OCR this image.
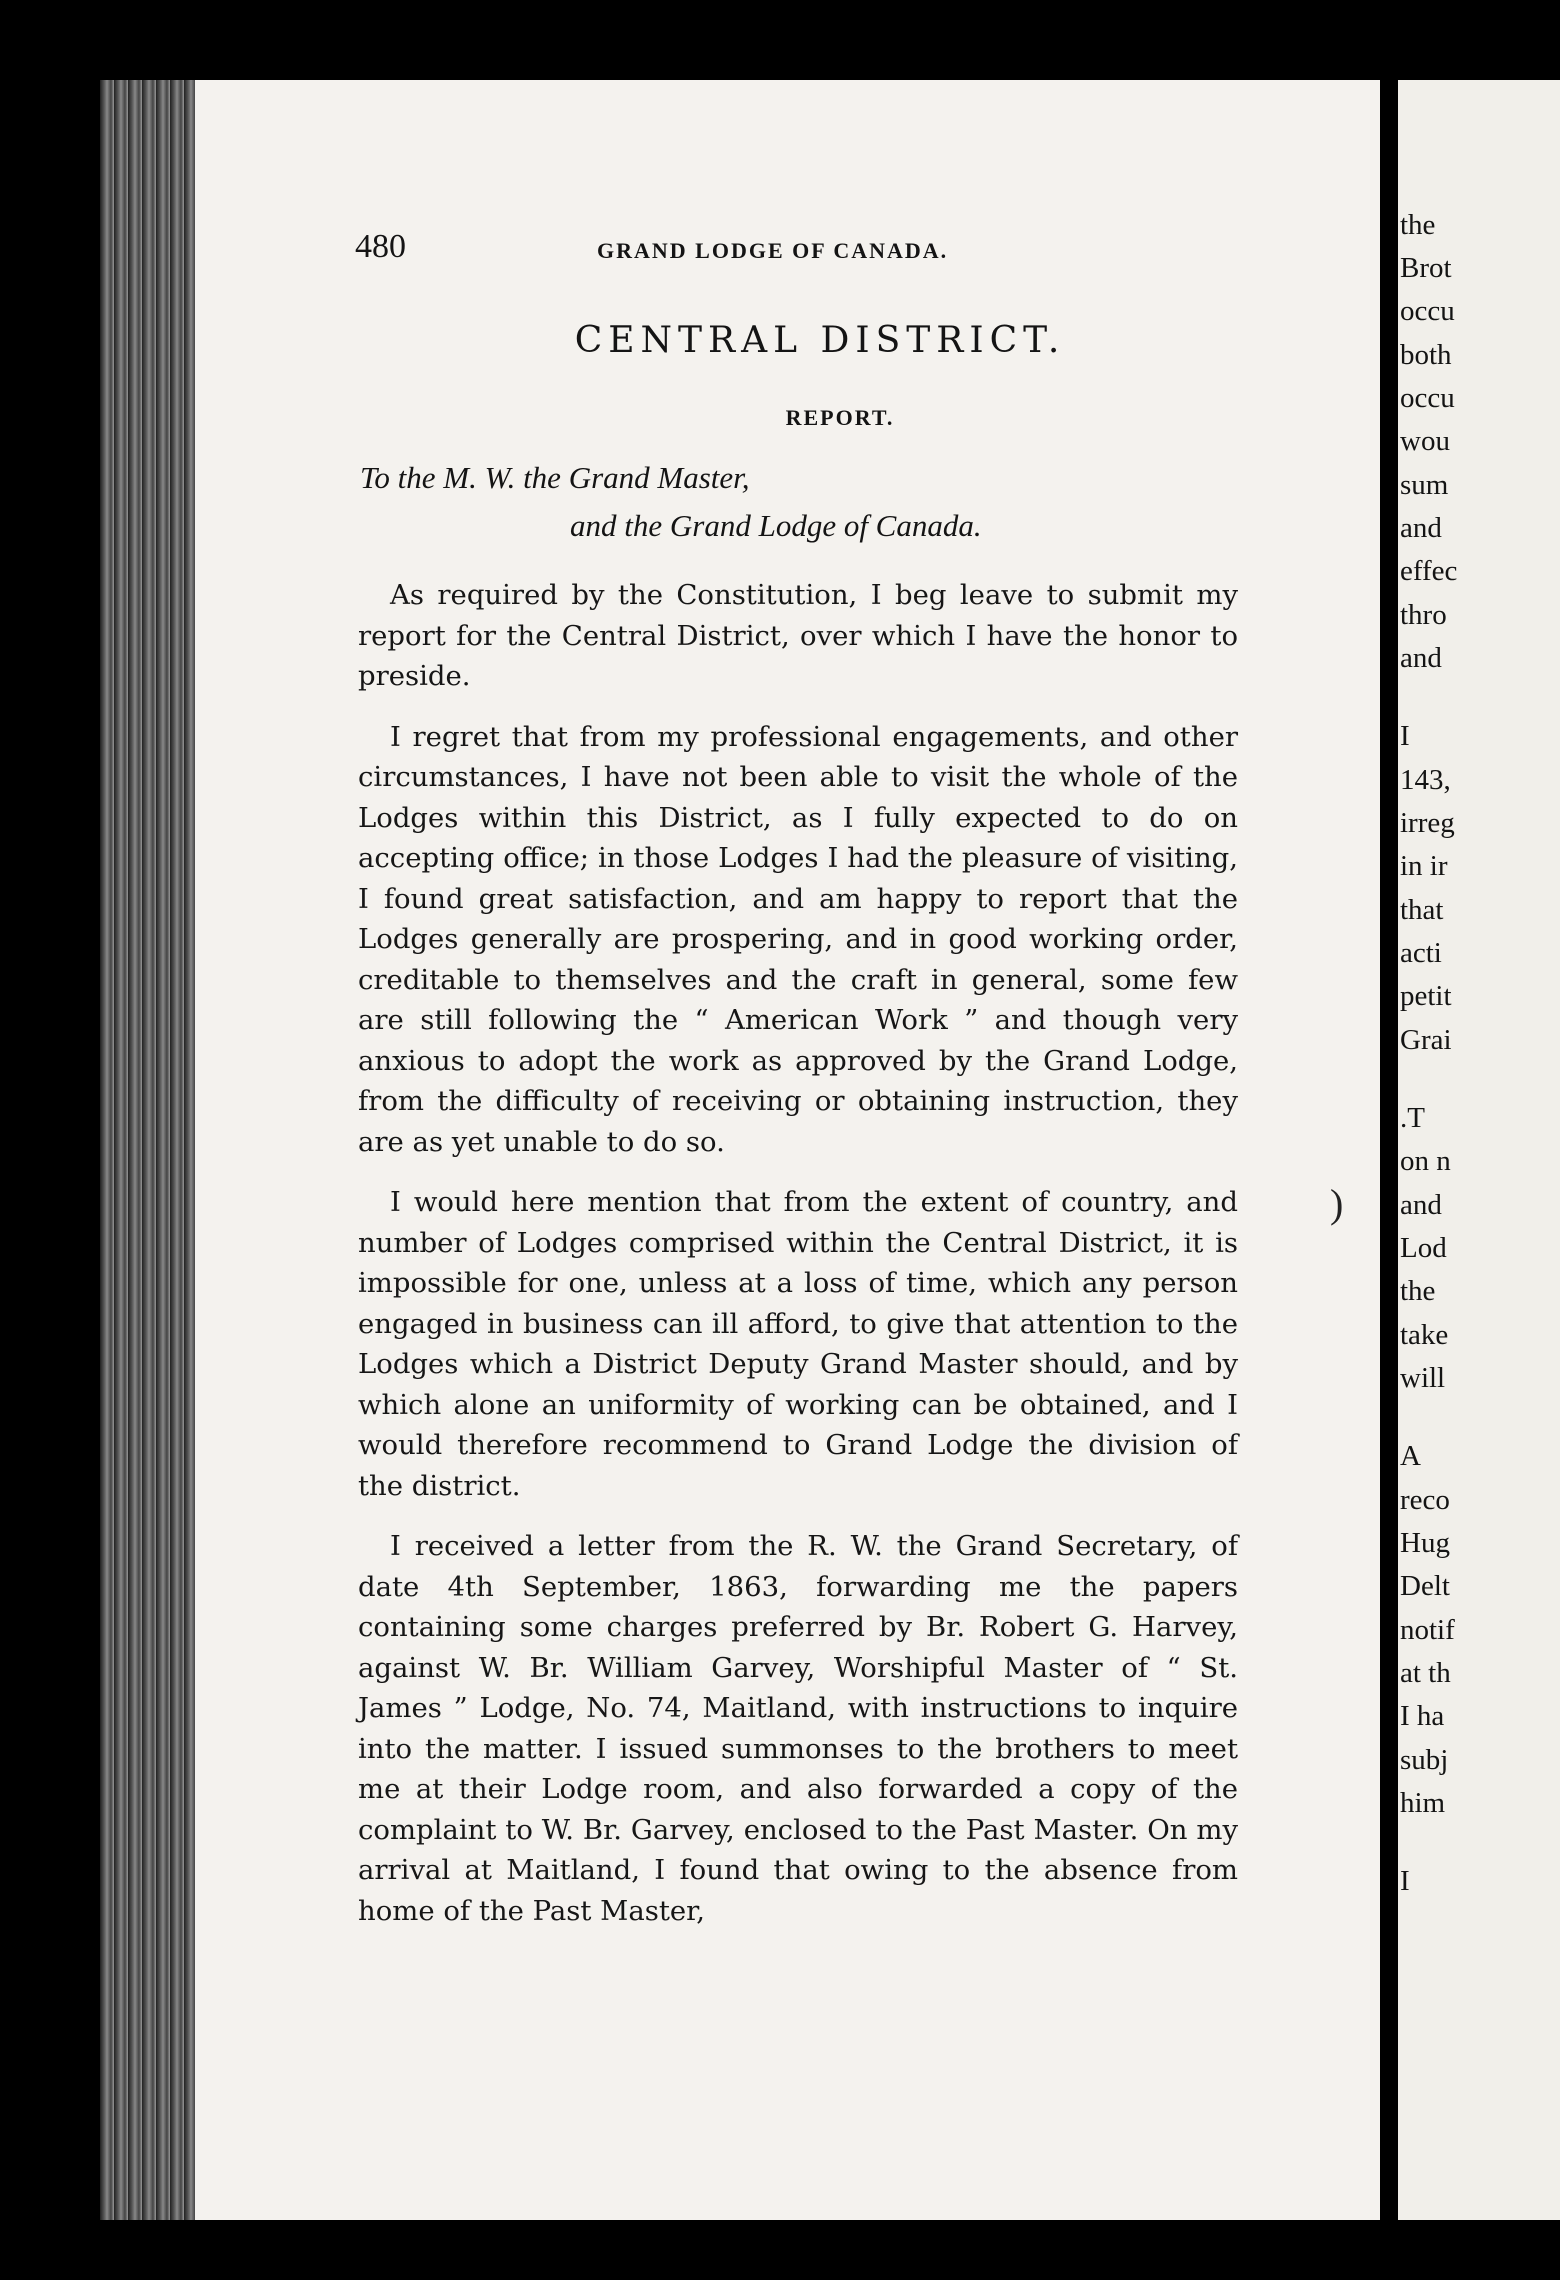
480	GRAND LODGE OF CANADA.
CENTRAL DISTRICT.
REPORT.
To the M. W. the Grand Master,
and the Grand Lodge of Canada.

As required by the Constitution, I beg leave to submit my report for the Central District, over which I have the honor to preside.

I regret that from my professional engagements, and other circumstances, I have not been able to visit the whole of the Lodges within this District, as I fully expected to do on accepting office; in those Lodges I had the pleasure of visiting, I found great satisfaction, and am happy to report that the Lodges generally are prospering, and in good working order, creditable to themselves and the craft in general, some few are still following the “ American Work ” and though very anxious to adopt the work as approved by the Grand Lodge, from the difficulty of receiving or obtaining instruction, they are as yet unable to do so.

I would here mention that from the extent of country, and number of Lodges comprised within the Central District, it is impossible for one, unless at a loss of time, which any person engaged in business can ill afford, to give that attention to the Lodges which a District Deputy Grand Master should, and by which alone an uniformity of working can be obtained, and I would therefore recommend to Grand Lodge the division of the district.

I received a letter from the R. W. the Grand Secretary, of date 4th September, 1863, forwarding me the papers containing some charges preferred by Br. Robert G. Harvey, against W. Br. William Garvey, Worshipful Master of “ St. James ” Lodge, No. 74, Maitland, with instructions to inquire into the matter. I issued summonses to the brothers to meet me at their Lodge room, and also forwarded a copy of the complaint to W. Br. Garvey, enclosed to the Past Master. On my arrival at Maitland, I found that owing to the absence from home of the Past Master,

)
the
Brot
occu
both
occu
wou
sum
and
effec
thro
and
I
143,
irreg
in ir
that
acti
petit
Grai
.T
on n
and
Lod
the
take
will
A
reco
Hug
Delt
notif
at th
I ha
subj
him
I
